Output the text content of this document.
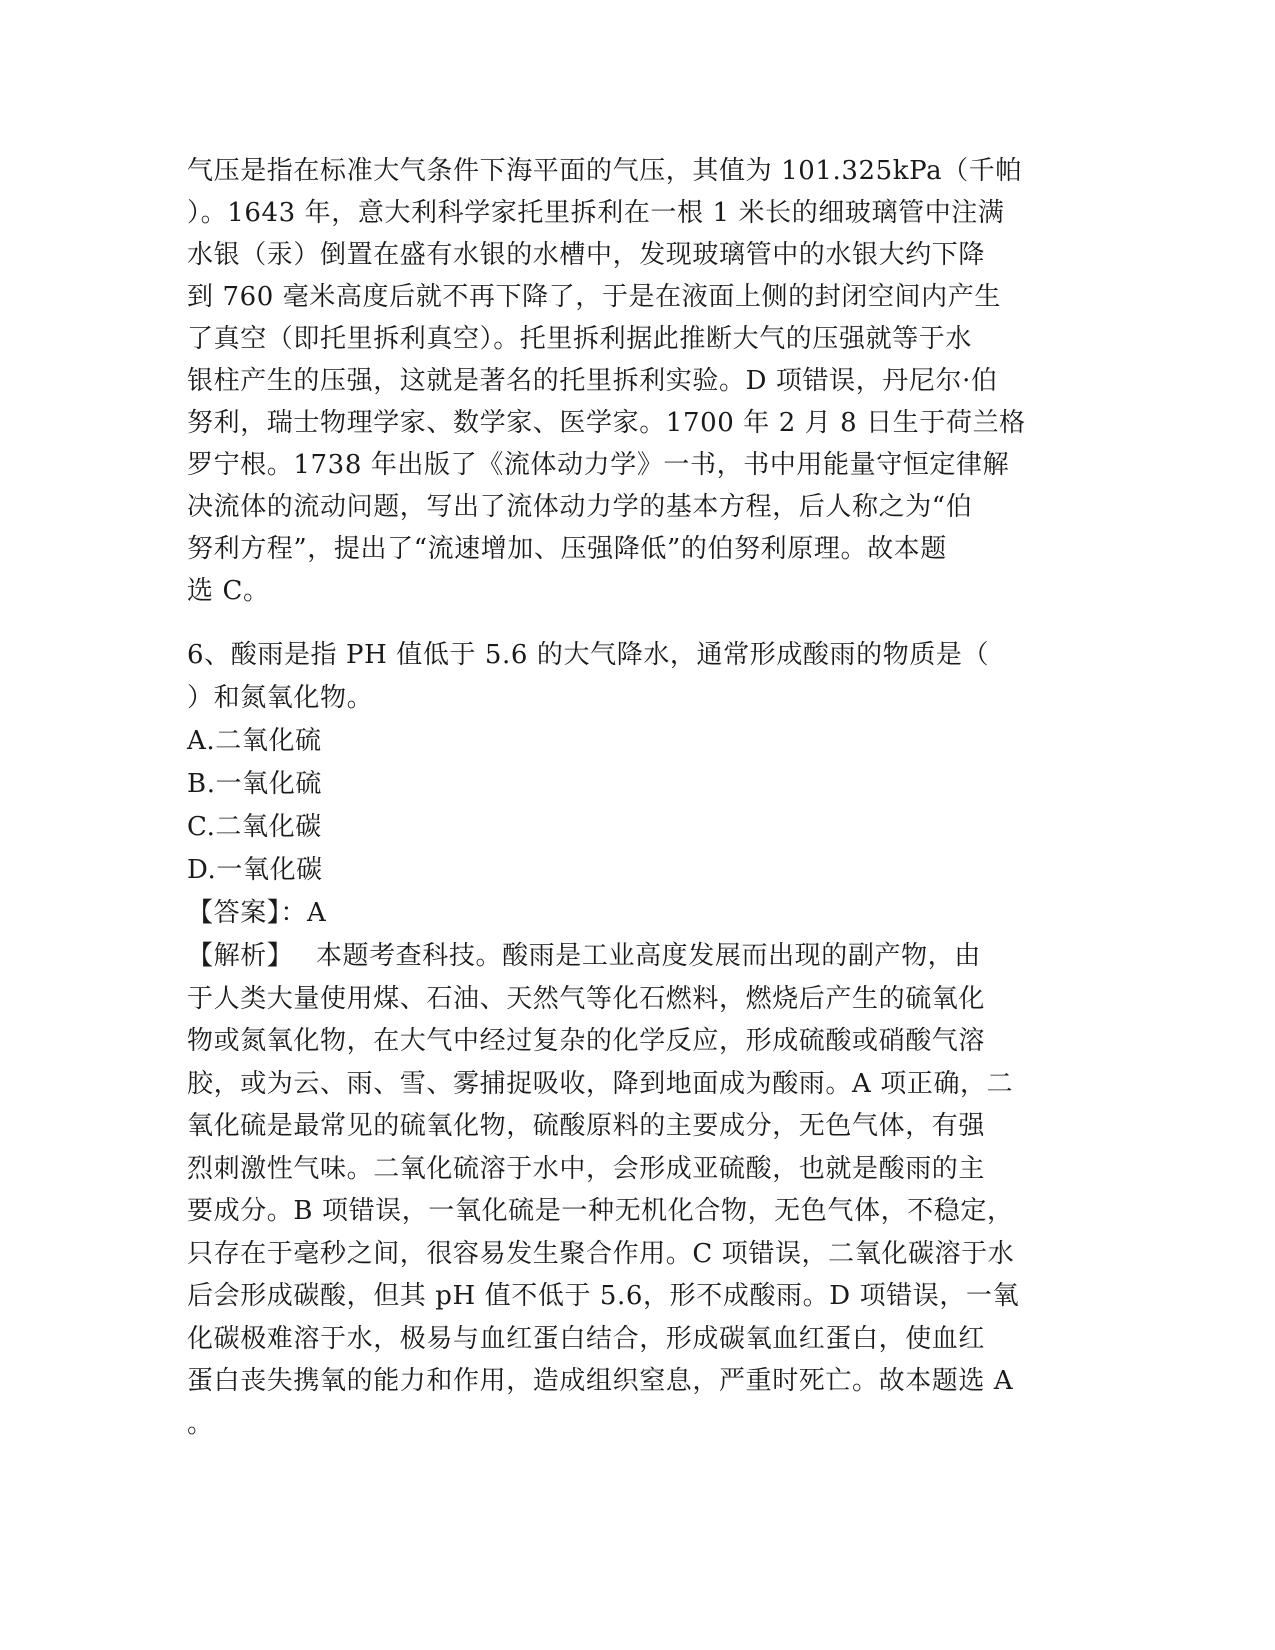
气压是指在标准大气条件下海平面的气压，其值为 101.325kPa（千帕
）。1643 年，意大利科学家托里拆利在一根 1 米长的细玻璃管中注满
水银（汞）倒置在盛有水银的水槽中，发现玻璃管中的水银大约下降
到 760 毫米高度后就不再下降了，于是在液面上侧的封闭空间内产生
了真空（即托里拆利真空）。托里拆利据此推断大气的压强就等于水
银柱产生的压强，这就是著名的托里拆利实验。D 项错误，丹尼尔·伯
努利，瑞士物理学家、数学家、医学家。1700 年 2 月 8 日生于荷兰格
罗宁根。1738 年出版了《流体动力学》一书，书中用能量守恒定律解
决流体的流动问题，写出了流体动力学的基本方程，后人称之为“伯
努利方程”，提出了“流速增加、压强降低”的伯努利原理。故本题
选 C。
6、酸雨是指 PH 值低于 5.6 的大气降水，通常形成酸雨的物质是（
）和氮氧化物。
A.二氧化硫
B.一氧化硫
C.二氧化碳
D.一氧化碳
【答案】：A
【解析】　 本题考查科技。酸雨是工业高度发展而出现的副产物，由
于人类大量使用煤、石油、天然气等化石燃料，燃烧后产生的硫氧化
物或氮氧化物，在大气中经过复杂的化学反应，形成硫酸或硝酸气溶
胶，或为云、雨、雪、雾捕捉吸收，降到地面成为酸雨。A 项正确，二
氧化硫是最常见的硫氧化物，硫酸原料的主要成分，无色气体，有强
烈刺激性气味。二氧化硫溶于水中，会形成亚硫酸，也就是酸雨的主
要成分。B 项错误，一氧化硫是一种无机化合物，无色气体，不稳定，
只存在于毫秒之间，很容易发生聚合作用。C 项错误，二氧化碳溶于水
后会形成碳酸，但其 pH 值不低于 5.6，形不成酸雨。D 项错误，一氧
化碳极难溶于水，极易与血红蛋白结合，形成碳氧血红蛋白，使血红
蛋白丧失携氧的能力和作用，造成组织窒息，严重时死亡。故本题选 A
。
